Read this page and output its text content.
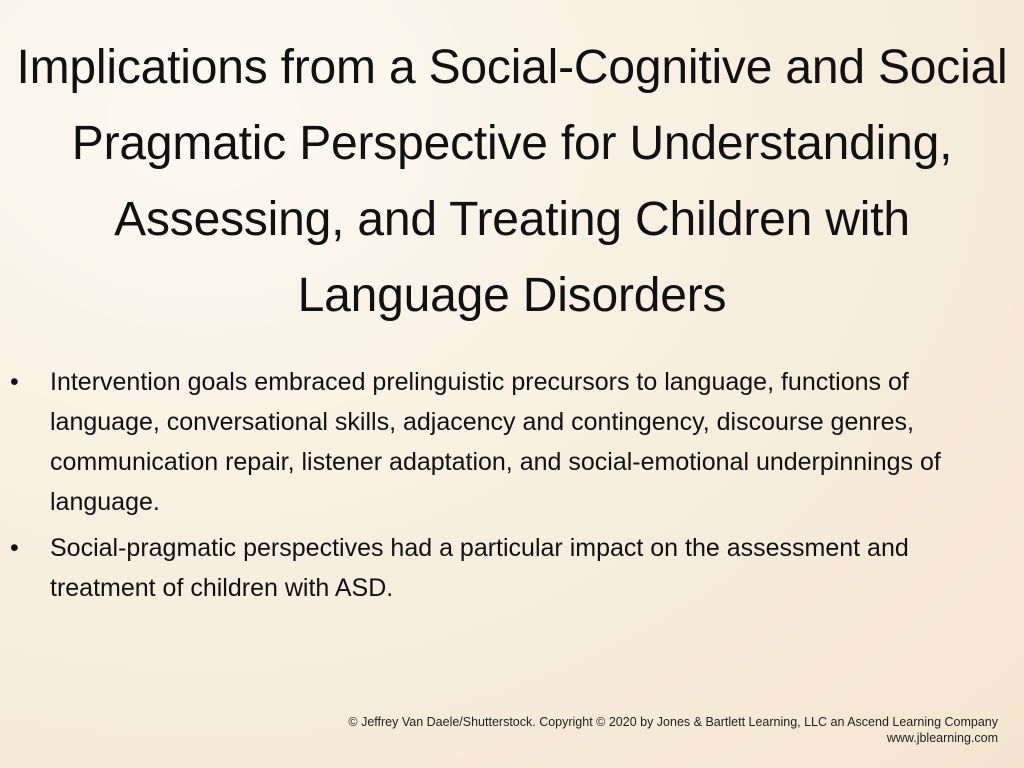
Implications from a Social-Cognitive and Social Pragmatic Perspective for Understanding, Assessing, and Treating Children with Language Disorders
•	Intervention goals embraced prelinguistic precursors to language, functions of language, conversational skills, adjacency and contingency, discourse genres, communication repair, listener adaptation, and social-emotional underpinnings of language.
•	Social-pragmatic perspectives had a particular impact on the assessment and treatment of children with ASD.
© Jeffrey Van Daele/Shutterstock. Copyright © 2020 by Jones & Bartlett Learning, LLC an Ascend Learning Company
www.jblearning.com
